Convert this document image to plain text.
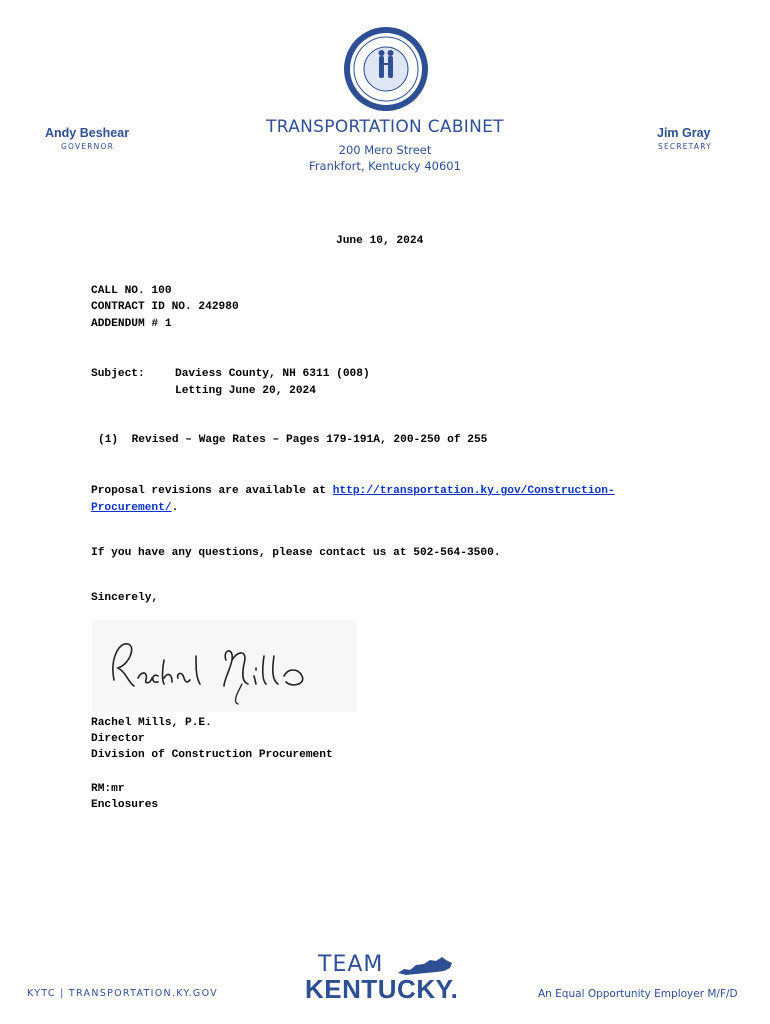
Andy Beshear
GOVERNOR
TRANSPORTATION CABINET
200 Mero Street
Frankfort, Kentucky 40601
Jim Gray
SECRETARY
June 10, 2024
CALL NO. 100
CONTRACT ID NO. 242980
ADDENDUM # 1
Subject:	Daviess County, NH 6311 (008)
Letting June 20, 2024
(1)  Revised – Wage Rates – Pages 179-191A, 200-250 of 255
Proposal revisions are available at http://transportation.ky.gov/Construction-Procurement/.
If you have any questions, please contact us at 502-564-3500.
Sincerely,
Rachel Mills, P.E.
Director
Division of Construction Procurement
RM:mr
Enclosures
KYTC | TRANSPORTATION.KY.GOV
TEAM
KENTUCKY.	An Equal Opportunity Employer M/F/D
